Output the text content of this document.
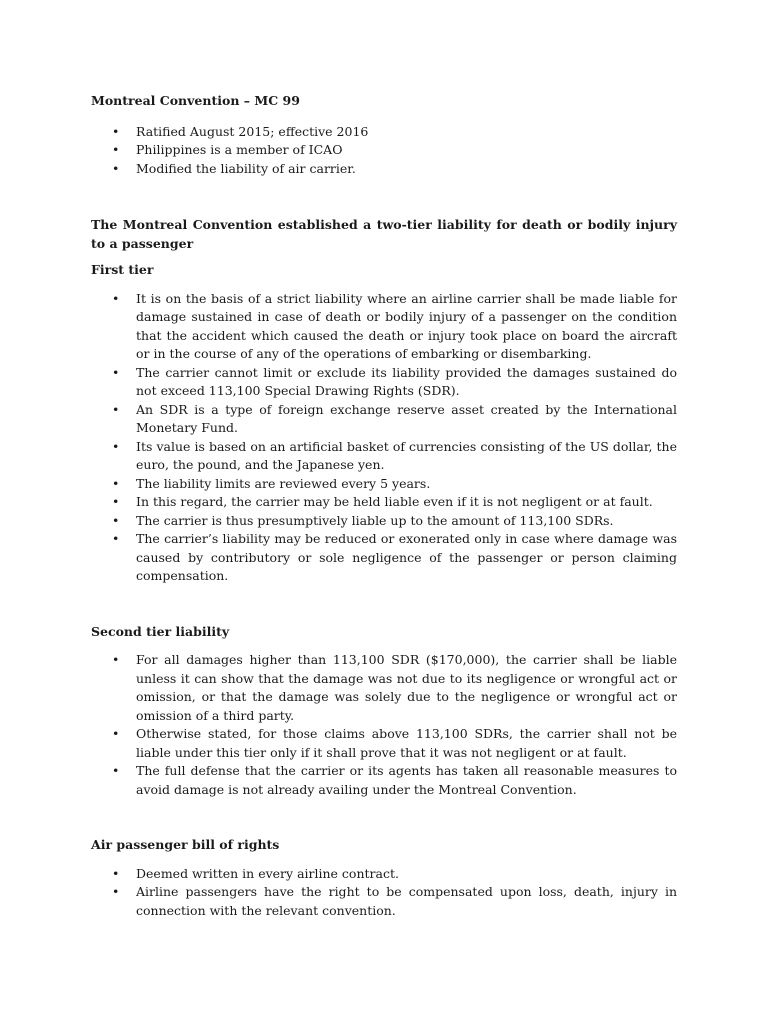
Montreal Convention – MC 99

• Ratified August 2015; effective 2016
• Philippines is a member of ICAO
• Modified the liability of air carrier.

The Montreal Convention established a two-tier liability for death or bodily injury to a passenger

First tier

• It is on the basis of a strict liability where an airline carrier shall be made liable for damage sustained in case of death or bodily injury of a passenger on the condition that the accident which caused the death or injury took place on board the aircraft or in the course of any of the operations of embarking or disembarking.
• The carrier cannot limit or exclude its liability provided the damages sustained do not exceed 113,100 Special Drawing Rights (SDR).
• An SDR is a type of foreign exchange reserve asset created by the International Monetary Fund.
• Its value is based on an artificial basket of currencies consisting of the US dollar, the euro, the pound, and the Japanese yen.
• The liability limits are reviewed every 5 years.
• In this regard, the carrier may be held liable even if it is not negligent or at fault.
• The carrier is thus presumptively liable up to the amount of 113,100 SDRs.
• The carrier’s liability may be reduced or exonerated only in case where damage was caused by contributory or sole negligence of the passenger or person claiming compensation.

Second tier liability

• For all damages higher than 113,100 SDR ($170,000), the carrier shall be liable unless it can show that the damage was not due to its negligence or wrongful act or omission, or that the damage was solely due to the negligence or wrongful act or omission of a third party.
• Otherwise stated, for those claims above 113,100 SDRs, the carrier shall not be liable under this tier only if it shall prove that it was not negligent or at fault.
• The full defense that the carrier or its agents has taken all reasonable measures to avoid damage is not already availing under the Montreal Convention.

Air passenger bill of rights

• Deemed written in every airline contract.
• Airline passengers have the right to be compensated upon loss, death, injury in connection with the relevant convention.
